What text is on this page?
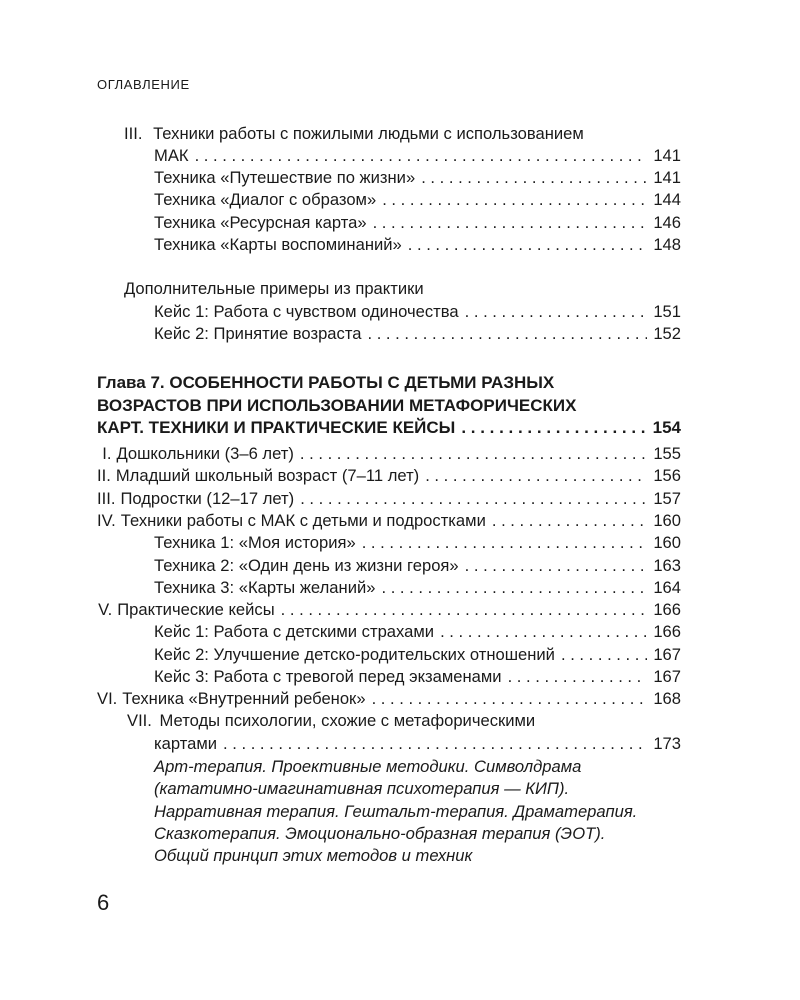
ОГЛАВЛЕНИЕ
III. Техники работы с пожилыми людьми с использованием
МАК . . .	141
Техника «Путешествие по жизни» . . .	141
Техника «Диалог с образом» . . .	144
Техника «Ресурсная карта» . . .	146
Техника «Карты воспоминаний» . . .	148
Дополнительные примеры из практики
Кейс 1: Работа с чувством одиночества . . .	151
Кейс 2: Принятие возраста . . .	152
Глава 7. ОСОБЕННОСТИ РАБОТЫ С ДЕТЬМИ РАЗНЫХ
ВОЗРАСТОВ ПРИ ИСПОЛЬЗОВАНИИ МЕТАФОРИЧЕСКИХ
КАРТ. ТЕХНИКИ И ПРАКТИЧЕСКИЕ КЕЙСЫ . . .	154
I. Дошкольники (3–6 лет) . . .	155
II. Младший школьный возраст (7–11 лет) . . .	156
III. Подростки (12–17 лет) . . .	157
IV. Техники работы с МАК с детьми и подростками . . .	160
Техника 1: «Моя история» . . .	160
Техника 2: «Один день из жизни героя» . . .	163
Техника 3: «Карты желаний» . . .	164
V. Практические кейсы . . .	166
Кейс 1: Работа с детскими страхами . . .	166
Кейс 2: Улучшение детско-родительских отношений . . .	167
Кейс 3: Работа с тревогой перед экзаменами . . .	167
VI. Техника «Внутренний ребенок» . . .	168
VII. Методы психологии, схожие с метафорическими
картами . . .	173
Арт-терапия. Проективные методики. Символдрама
(кататимно-имагинативная психотерапия — КИП).
Нарративная терапия. Гештальт-терапия. Драматерапия.
Сказкотерапия. Эмоционально-образная терапия (ЭОТ).
Общий принцип этих методов и техник
6
